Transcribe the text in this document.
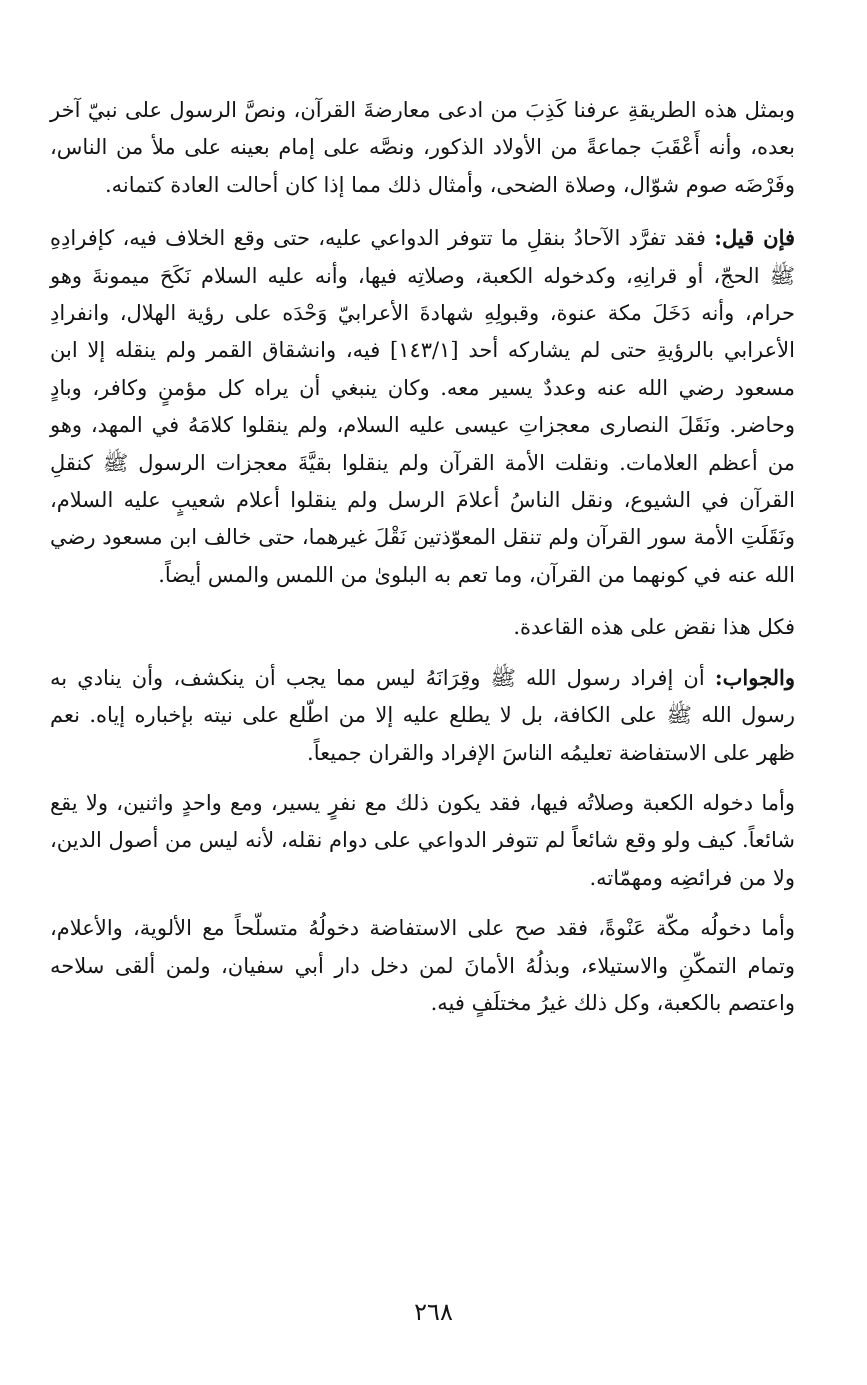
وبمثل هذه الطريقةِ عرفنا كَذِبَ من ادعى معارضةَ القرآن، ونصَّ الرسول على نبيّ آخر بعده، وأنه أَعْقَبَ جماعةً من الأولاد الذكور، ونصَّه على إمام بعينه على ملأ من الناس، وفَرْضَه صوم شوّال، وصلاة الضحى، وأمثال ذلك مما إذا كان أحالت العادة كتمانه.

فإن قيل: فقد تفرَّد الآحادُ بنقلِ ما تتوفر الدواعي عليه، حتى وقع الخلاف فيه، كإفرادِهِ ﷺ الحجّ، أو قرانِهِ، وكدخوله الكعبة، وصلاتِه فيها، وأنه عليه السلام نَكَحَ ميمونةَ وهو حرام، وأنه دَخَلَ مكة عنوة، وقبولِهِ شهادةَ الأعرابيّ وَحْدَه على رؤية الهلال، وانفرادِ الأعرابي بالرؤيةِ حتى لم يشاركه أحد [١٤٣/١] فيه، وانشقاق القمر ولم ينقله إلا ابن مسعود رضي الله عنه وعددٌ يسير معه. وكان ينبغي أن يراه كل مؤمنٍ وكافر، وبادٍ وحاضر. ونَقَلَ النصارى معجزاتِ عيسى عليه السلام، ولم ينقلوا كلامَهُ في المهد، وهو من أعظم العلامات. ونقلت الأمة القرآن ولم ينقلوا بقيَّةَ معجزات الرسول ﷺ كنقلِ القرآن في الشيوع، ونقل الناسُ أعلامَ الرسل ولم ينقلوا أعلام شعيبٍ عليه السلام، ونَقَلَتِ الأمة سور القرآن ولم تنقل المعوّذتين نَقْلَ غيرهما، حتى خالف ابن مسعود رضي الله عنه في كونهما من القرآن، وما تعم به البلوىٰ من اللمس والمس أيضاً.

فكل هذا نقض على هذه القاعدة.

والجواب: أن إفراد رسول الله ﷺ وقِرَانَهُ ليس مما يجب أن ينكشف، وأن ينادي به رسول الله ﷺ على الكافة، بل لا يطلع عليه إلا من اطّلع على نيته بإخباره إياه. نعم ظهر على الاستفاضة تعليمُه الناسَ الإفراد والقران جميعاً.

وأما دخوله الكعبة وصلاتُه فيها، فقد يكون ذلك مع نفرٍ يسير، ومع واحدٍ واثنين، ولا يقع شائعاً. كيف ولو وقع شائعاً لم تتوفر الدواعي على دوام نقله، لأنه ليس من أصول الدين، ولا من فرائضِه ومهمّاته.

وأما دخولُه مكّة عَنْوةً، فقد صح على الاستفاضة دخولُهُ متسلّحاً مع الألوية، والأعلام، وتمام التمكّنِ والاستيلاء، وبذلُهُ الأمانَ لمن دخل دار أبي سفيان، ولمن ألقى سلاحه واعتصم بالكعبة، وكل ذلك غيرُ مختلَفٍ فيه.

٢٦٨
